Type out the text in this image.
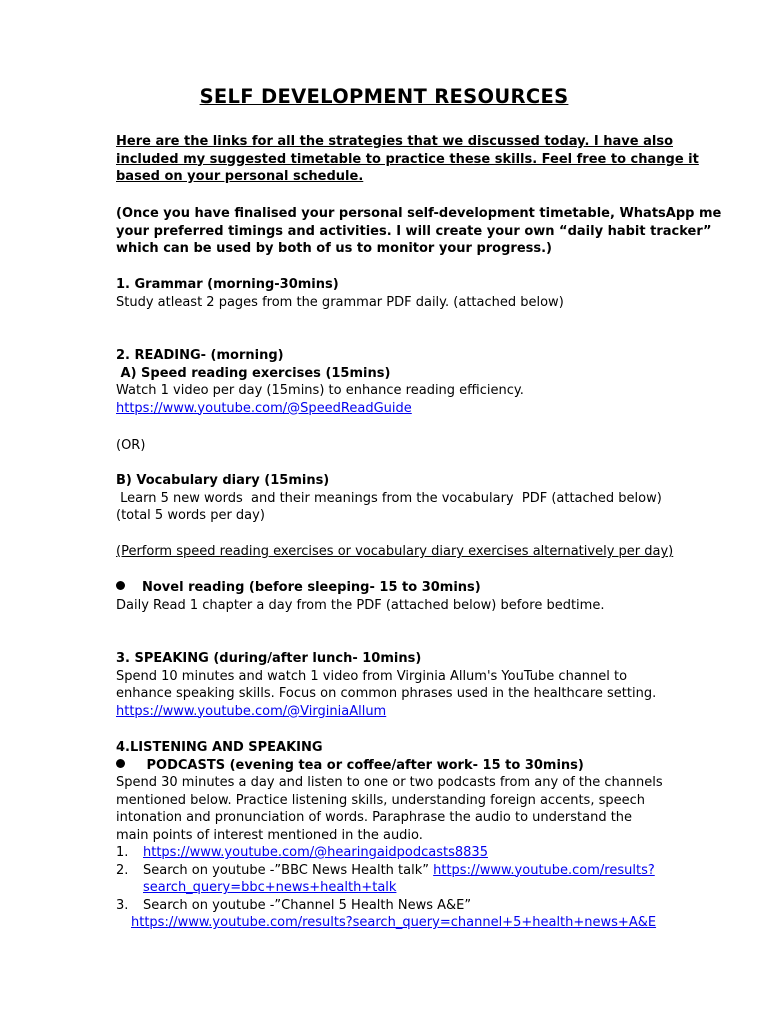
SELF DEVELOPMENT RESOURCES
Here are the links for all the strategies that we discussed today. I have also
included my suggested timetable to practice these skills. Feel free to change it
based on your personal schedule.
(Once you have finalised your personal self-development timetable, WhatsApp me
your preferred timings and activities. I will create your own “daily habit tracker”
which can be used by both of us to monitor your progress.)
1. Grammar (morning-30mins)
Study atleast 2 pages from the grammar PDF daily. (attached below)
2. READING- (morning)
A) Speed reading exercises (15mins)
Watch 1 video per day (15mins) to enhance reading efficiency.
https://www.youtube.com/@SpeedReadGuide
(OR)
B) Vocabulary diary (15mins)
Learn 5 new words  and their meanings from the vocabulary  PDF (attached below)
(total 5 words per day)
(Perform speed reading exercises or vocabulary diary exercises alternatively per day)
Novel reading (before sleeping- 15 to 30mins)
Daily Read 1 chapter a day from the PDF (attached below) before bedtime.
3. SPEAKING (during/after lunch- 10mins)
Spend 10 minutes and watch 1 video from Virginia Allum's YouTube channel to
enhance speaking skills. Focus on common phrases used in the healthcare setting.
https://www.youtube.com/@VirginiaAllum
4.LISTENING AND SPEAKING
PODCASTS (evening tea or coffee/after work- 15 to 30mins)
Spend 30 minutes a day and listen to one or two podcasts from any of the channels
mentioned below. Practice listening skills, understanding foreign accents, speech
intonation and pronunciation of words. Paraphrase the audio to understand the
main points of interest mentioned in the audio.
1. https://www.youtube.com/@hearingaidpodcasts8835
2. Search on youtube -”BBC News Health talk” https://www.youtube.com/results?
search_query=bbc+news+health+talk
3. Search on youtube -”Channel 5 Health News A&E”
https://www.youtube.com/results?search_query=channel+5+health+news+A&E
